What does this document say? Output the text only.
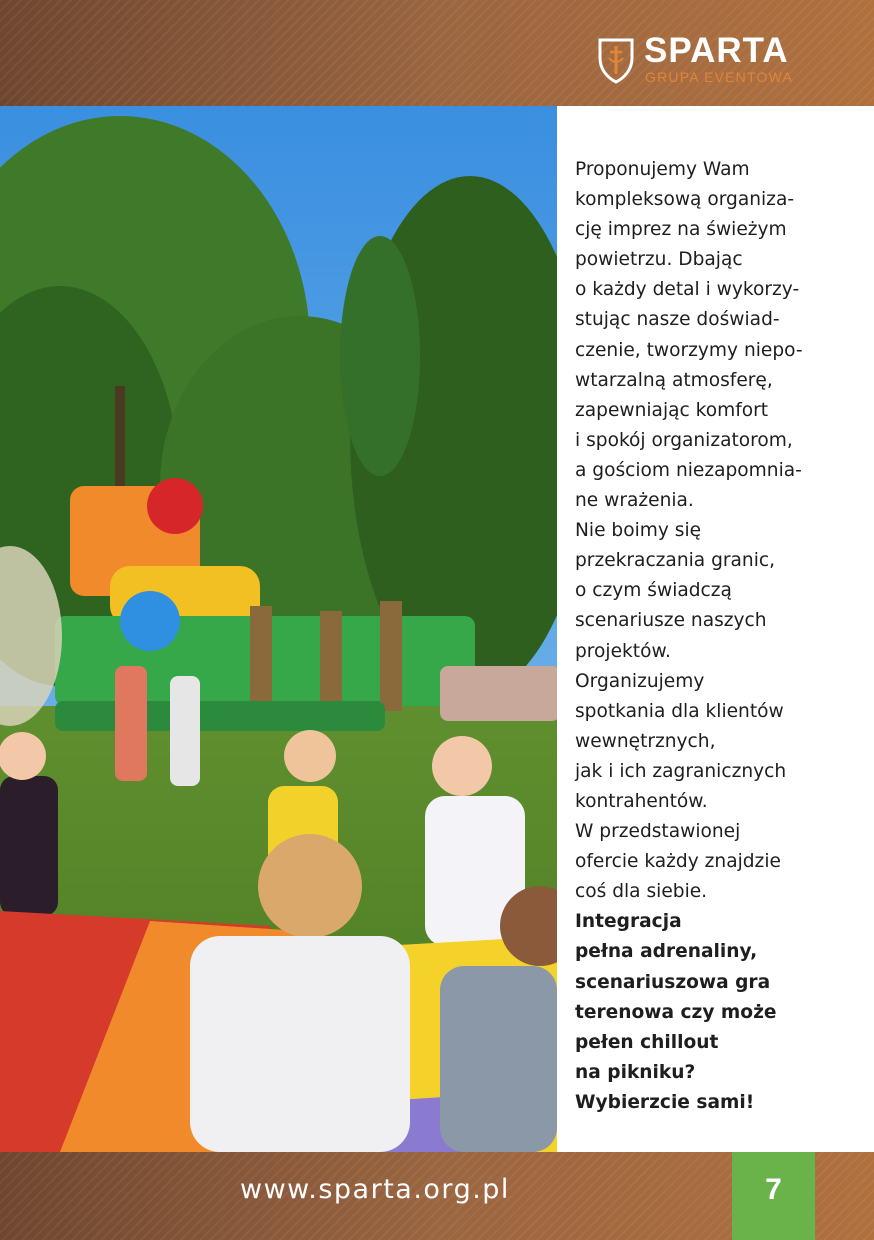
SPARTA
GRUPA EVENTOWA

Proponujemy Wam
kompleksową organiza-
cję imprez na świeżym
powietrzu. Dbając
o każdy detal i wykorzy-
stując nasze doświad-
czenie, tworzymy niepo-
wtarzalną atmosferę,
zapewniając komfort
i spokój organizatorom,
a gościom niezapomnia-
ne wrażenia.

Nie boimy się
przekraczania granic,
o czym świadczą
scenariusze naszych
projektów.

Organizujemy
spotkania dla klientów
wewnętrznych,
jak i ich zagranicznych
kontrahentów.

W przedstawionej
ofercie każdy znajdzie
coś dla siebie.

Integracja
pełna adrenaliny,
scenariuszowa gra
terenowa czy może
pełen chillout
na pikniku?
Wybierzcie sami!

www.sparta.org.pl	7
